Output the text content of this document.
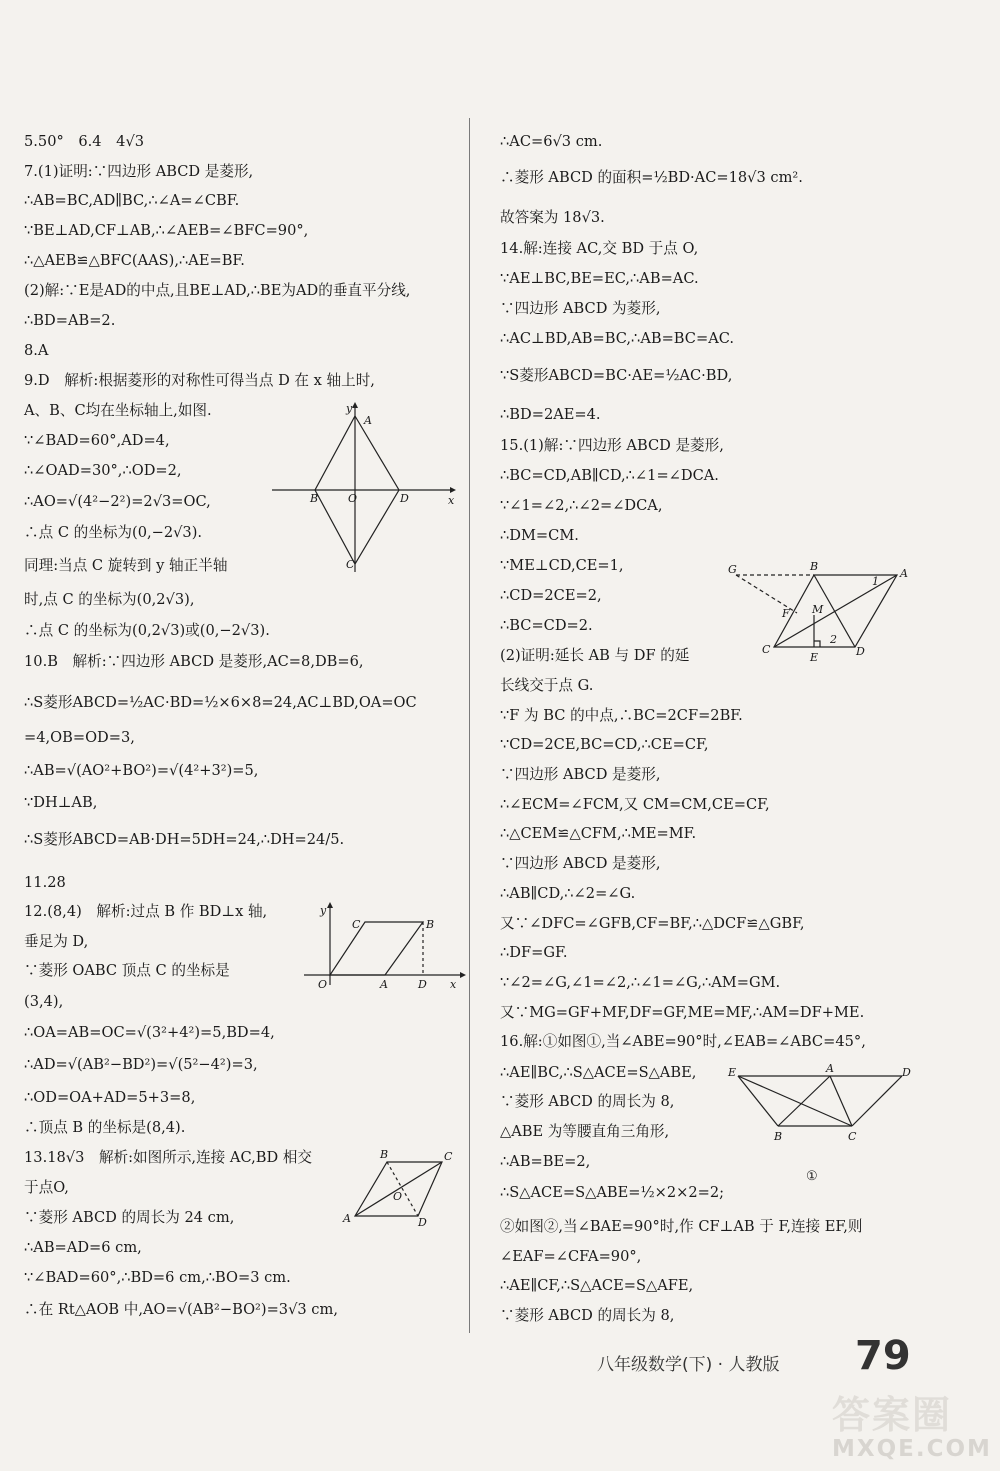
5.50°　6.4　4√3
7.(1)证明:∵四边形 ABCD 是菱形,
∴AB=BC,AD∥BC,∴∠A=∠CBF.
∵BE⊥AD,CF⊥AB,∴∠AEB=∠BFC=90°,
∴△AEB≌△BFC(AAS),∴AE=BF.
(2)解:∵E是AD的中点,且BE⊥AD,∴BE为AD的垂直平分线,
∴BD=AB=2.
8.A
9.D　解析:根据菱形的对称性可得当点 D 在 x 轴上时,
A、B、C均在坐标轴上,如图.
∵∠BAD=60°,AD=4,
∴∠OAD=30°,∴OD=2,
∴AO=√(4²−2²)=2√3=OC,
∴点 C 的坐标为(0,−2√3).
同理:当点 C 旋转到 y 轴正半轴
时,点 C 的坐标为(0,2√3),
∴点 C 的坐标为(0,2√3)或(0,−2√3).
10.B　解析:∵四边形 ABCD 是菱形,AC=8,DB=6,
∴S菱形ABCD=½AC·BD=½×6×8=24,AC⊥BD,OA=OC
=4,OB=OD=3,
∴AB=√(AO²+BO²)=√(4²+3²)=5,
∵DH⊥AB,
∴S菱形ABCD=AB·DH=5DH=24,∴DH=24/5.
11.28
12.(8,4)　解析:过点 B 作 BD⊥x 轴,
垂足为 D,
∵菱形 OABC 顶点 C 的坐标是
(3,4),
∴OA=AB=OC=√(3²+4²)=5,BD=4,
∴AD=√(AB²−BD²)=√(5²−4²)=3,
∴OD=OA+AD=5+3=8,
∴顶点 B 的坐标是(8,4).
13.18√3　解析:如图所示,连接 AC,BD 相交
于点O,
∵菱形 ABCD 的周长为 24 cm,
∴AB=AD=6 cm,
∵∠BAD=60°,∴BD=6 cm,∴BO=3 cm.
∴在 Rt△AOB 中,AO=√(AB²−BO²)=3√3 cm,
∴AC=6√3 cm.
∴菱形 ABCD 的面积=½BD·AC=18√3 cm².
故答案为 18√3.
14.解:连接 AC,交 BD 于点 O,
∵AE⊥BC,BE=EC,∴AB=AC.
∵四边形 ABCD 为菱形,
∴AC⊥BD,AB=BC,∴AB=BC=AC.
∵S菱形ABCD=BC·AE=½AC·BD,
∴BD=2AE=4.
15.(1)解:∵四边形 ABCD 是菱形,
∴BC=CD,AB∥CD,∴∠1=∠DCA.
∵∠1=∠2,∴∠2=∠DCA,
∴DM=CM.
∵ME⊥CD,CE=1,
∴CD=2CE=2,
∴BC=CD=2.
(2)证明:延长 AB 与 DF 的延
长线交于点 G.
∵F 为 BC 的中点,∴BC=2CF=2BF.
∵CD=2CE,BC=CD,∴CE=CF,
∵四边形 ABCD 是菱形,
∴∠ECM=∠FCM,又 CM=CM,CE=CF,
∴△CEM≌△CFM,∴ME=MF.
∵四边形 ABCD 是菱形,
∴AB∥CD,∴∠2=∠G.
又∵∠DFC=∠GFB,CF=BF,∴△DCF≌△GBF,
∴DF=GF.
∵∠2=∠G,∠1=∠2,∴∠1=∠G,∴AM=GM.
又∵MG=GF+MF,DF=GF,ME=MF,∴AM=DF+ME.
16.解:①如图①,当∠ABE=90°时,∠EAB=∠ABC=45°,
∴AE∥BC,∴S△ACE=S△ABE,
∵菱形 ABCD 的周长为 8,
△ABE 为等腰直角三角形,
∴AB=BE=2,
∴S△ACE=S△ABE=½×2×2=2;
②如图②,当∠BAE=90°时,作 CF⊥AB 于 F,连接 EF,则
∠EAF=∠CFA=90°,
∴AE∥CF,∴S△ACE=S△AFE,
∵菱形 ABCD 的周长为 8,
y
A
B	O	D	x
C
y
C	B
O	A	D x
B	C
O
A	D
G	B
A
1
F M
2
C
E	D
E	A	D
B	C
①
八年级数学(下) · 人教版 79
答案圈
MXQE.COM
